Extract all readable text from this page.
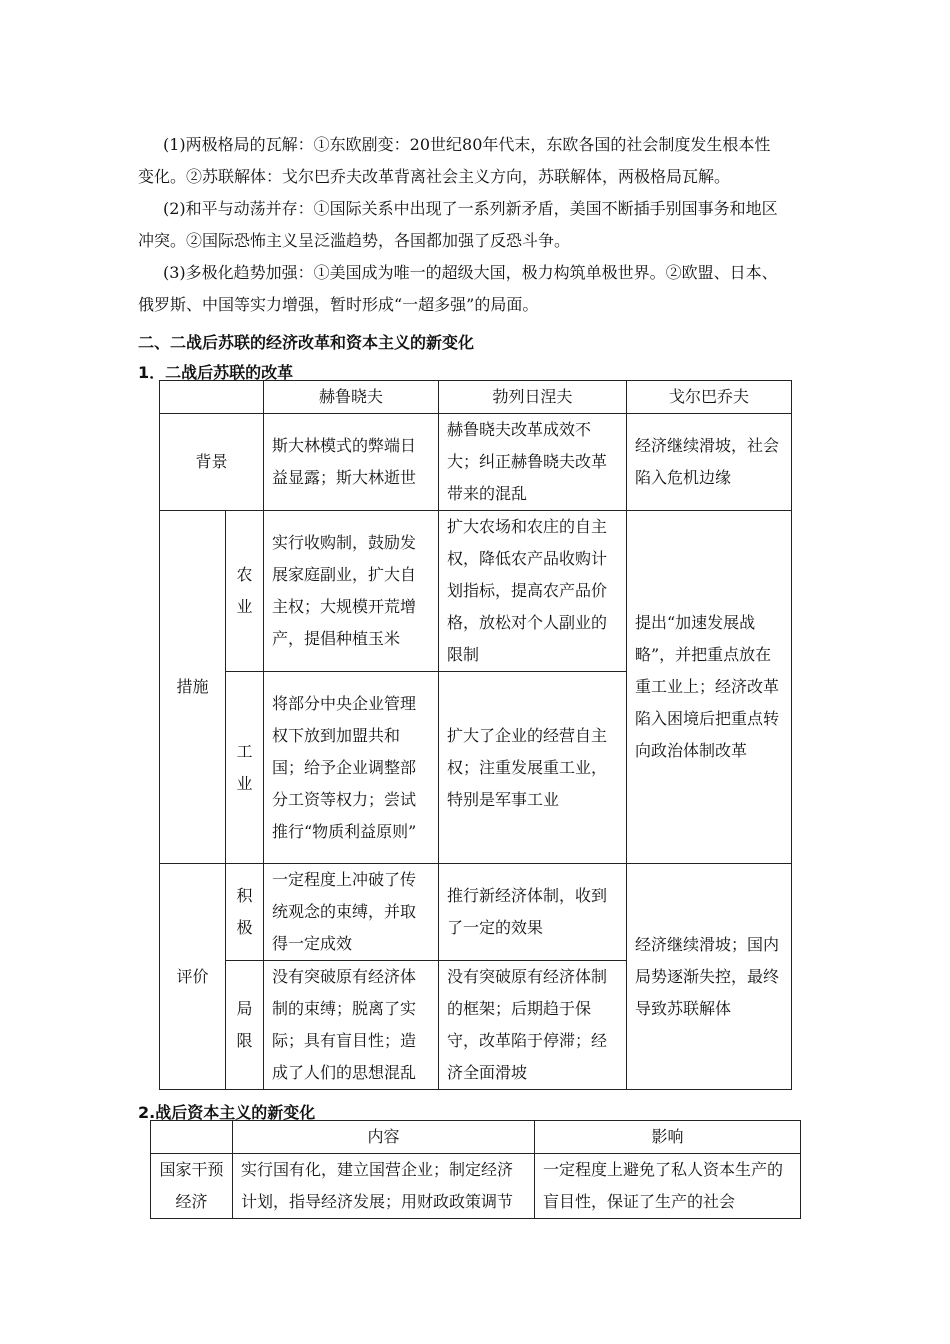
(1)两极格局的瓦解：①东欧剧变：20世纪80年代末，东欧各国的社会制度发生根本性

变化。②苏联解体：戈尔巴乔夫改革背离社会主义方向，苏联解体，两极格局瓦解。

(2)和平与动荡并存：①国际关系中出现了一系列新矛盾，美国不断插手别国事务和地区

冲突。②国际恐怖主义呈泛滥趋势，各国都加强了反恐斗争。

(3)多极化趋势加强：①美国成为唯一的超级大国，极力构筑单极世界。②欧盟、日本、

俄罗斯、中国等实力增强，暂时形成“一超多强”的局面。

二、二战后苏联的经济改革和资本主义的新变化
1．二战后苏联的改革
		赫鲁晓夫	勃列日涅夫	戈尔巴乔夫
背景		斯大林模式的弊端日益显露；斯大林逝世	赫鲁晓夫改革成效不大；纠正赫鲁晓夫改革带来的混乱	经济继续滑坡，社会陷入危机边缘
措施	农业	实行收购制，鼓励发展家庭副业，扩大自主权；大规模开荒增产，提倡种植玉米	扩大农场和农庄的自主权，降低农产品收购计划指标，提高农产品价格，放松对个人副业的限制	提出“加速发展战略”，并把重点放在重工业上；经济改革陷入困境后把重点转向政治体制改革
	工业	将部分中央企业管理权下放到加盟共和国；给予企业调整部分工资等权力；尝试推行“物质利益原则”	扩大了企业的经营自主权；注重发展重工业，特别是军事工业	
评价	积极	一定程度上冲破了传统观念的束缚，并取得一定成效	推行新经济体制，收到了一定的效果	经济继续滑坡；国内局势逐渐失控，最终导致苏联解体
	局限	没有突破原有经济体制的束缚；脱离了实际；具有盲目性；造成了人们的思想混乱	没有突破原有经济体制的框架；后期趋于保守，改革陷于停滞；经济全面滑坡	
2.战后资本主义的新变化
	内容	影响
国家干预经济	实行国有化，建立国营企业；制定经济计划，指导经济发展；用财政政策调节	一定程度上避免了私人资本生产的盲目性，保证了生产的社会
